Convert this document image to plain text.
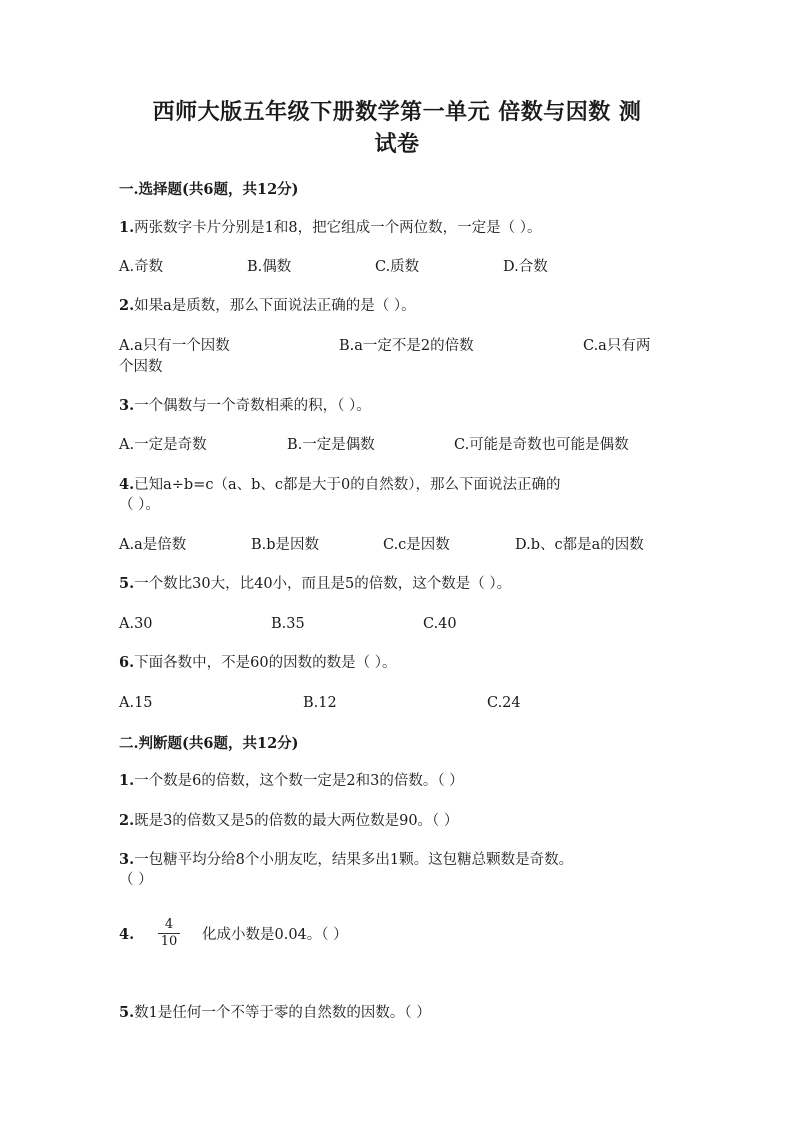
西师大版五年级下册数学第一单元 倍数与因数 测
试卷
一.选择题(共6题，共12分)
1.两张数字卡片分别是1和8，把它组成一个两位数，一定是（ ）。
A.奇数	B.偶数	C.质数	D.合数
2.如果a是质数，那么下面说法正确的是（ ）。
A.a只有一个因数	B.a一定不是2的倍数	C.a只有两
个因数
3.一个偶数与一个奇数相乘的积，（ ）。
A.一定是奇数	B.一定是偶数	C.可能是奇数也可能是偶数
4.已知a÷b=c（a、b、c都是大于0的自然数），那么下面说法正确的
（ ）。
A.a是倍数	B.b是因数	C.c是因数	D.b、c都是a的因数
5.一个数比30大，比40小，而且是5的倍数，这个数是（ ）。
A.30	B.35	C.40
6.下面各数中，不是60的因数的数是（ ）。
A.15	B.12	C.24
二.判断题(共6题，共12分)
1.一个数是6的倍数，这个数一定是2和3的倍数。（ ）
2.既是3的倍数又是5的倍数的最大两位数是90。（ ）
3.一包糖平均分给8个小朋友吃，结果多出1颗。这包糖总颗数是奇数。
（ ）
4.
4
10 化成小数是0.04。（ ）
5.数1是任何一个不等于零的自然数的因数。（ ）
